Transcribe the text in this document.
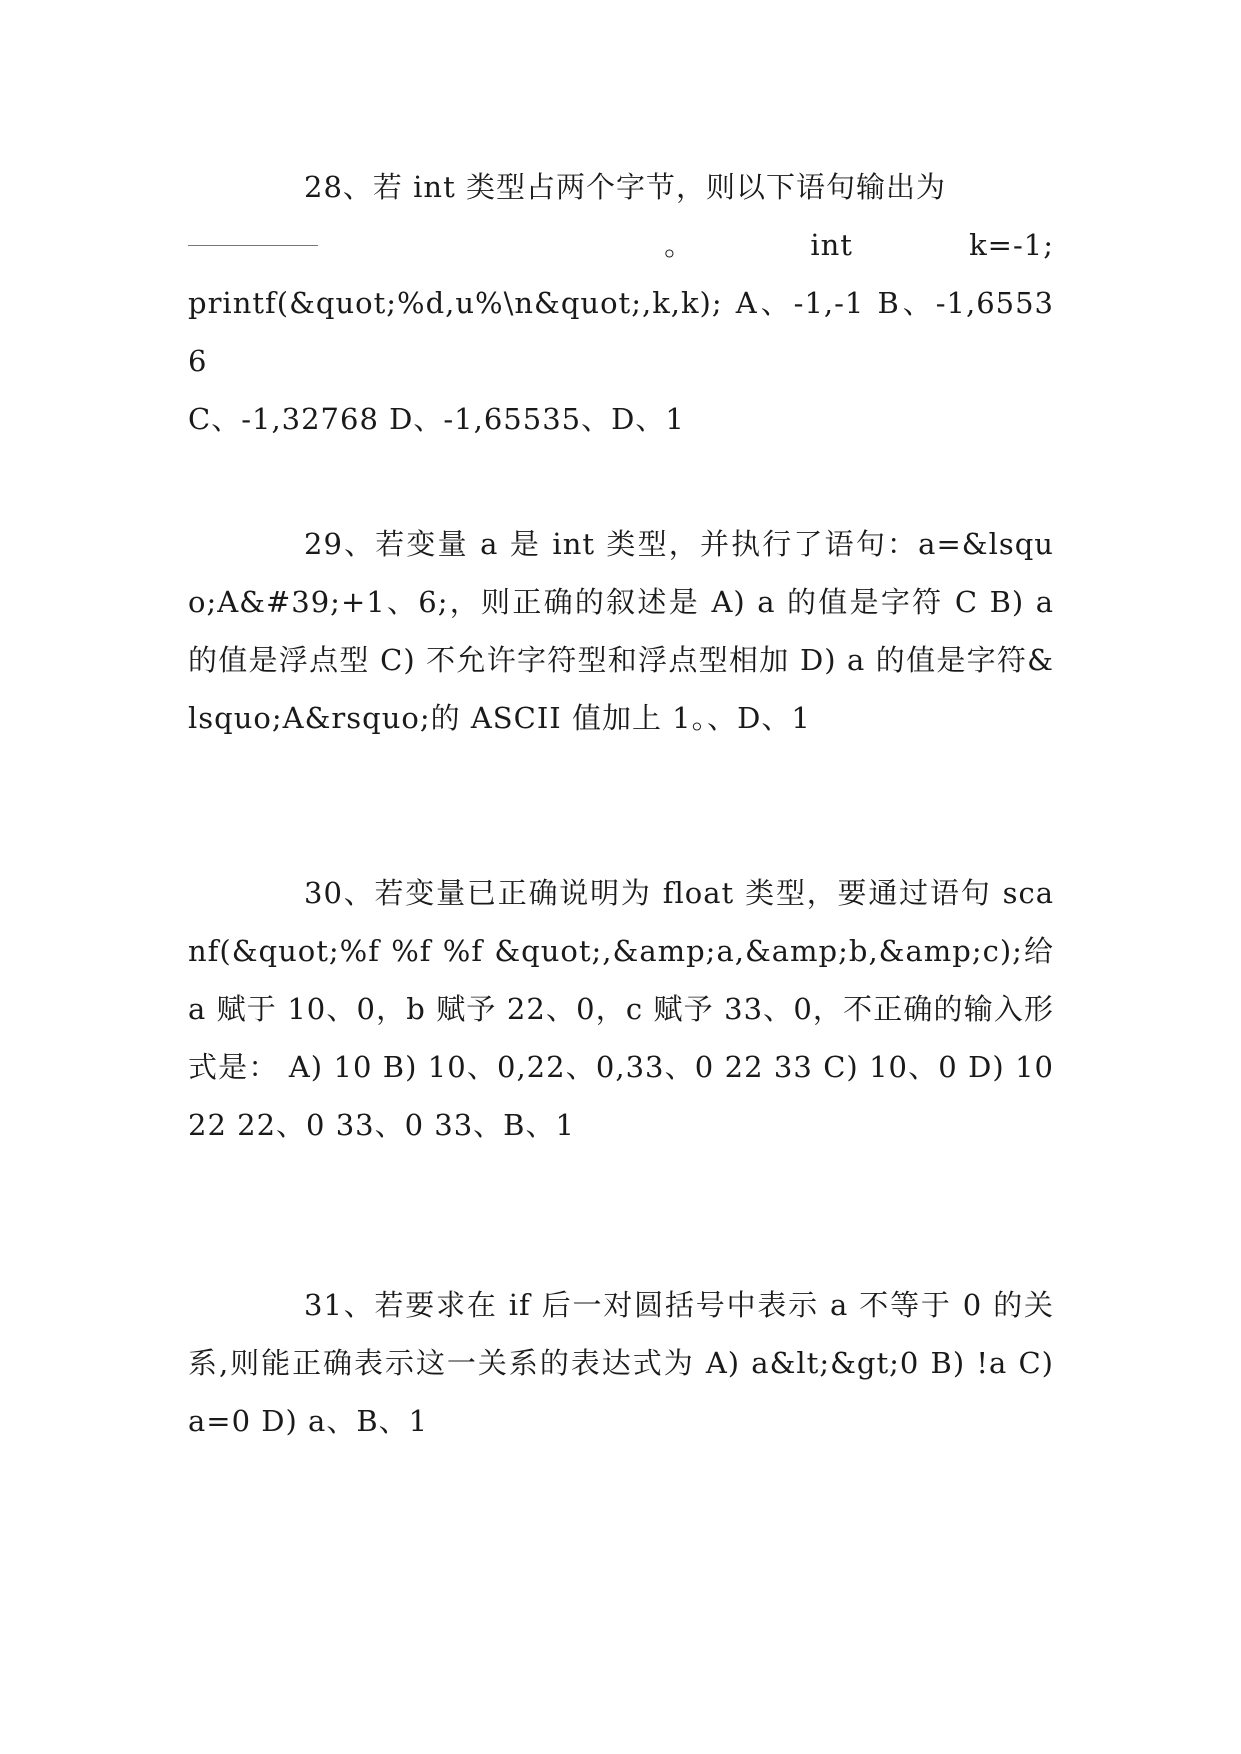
28、若 int 类型占两个字节，则以下语句输出为
。	int	k=-1;
printf(&quot;%d,u%\n&quot;,k,k); A、-1,-1 B、-1,65536
C、-1,32768 D、-1,65535、D、1
29、若变量 a 是 int 类型，并执行了语句：a=&lsquo;A&#39;+1、6;，则正确的叙述是 A) a 的值是字符 C B) a 的值是浮点型 C) 不允许字符型和浮点型相加 D) a 的值是字符&lsquo;A&rsquo;的 ASCII 值加上 1。、D、1
30、若变量已正确说明为 float 类型，要通过语句 scanf(&quot;%f %f %f &quot;,&amp;a,&amp;b,&amp;c);给 a 赋于 10、0，b 赋予 22、0，c 赋予 33、0，不正确的输入形式是： A) 10 B) 10、0,22、0,33、0 22 33 C) 10、0 D) 10 22 22、0 33、0 33、B、1
31、若要求在 if 后一对圆括号中表示 a 不等于 0 的关系,则能正确表示这一关系的表达式为 A) a&lt;&gt;0 B) !a C) a=0 D) a、B、1
